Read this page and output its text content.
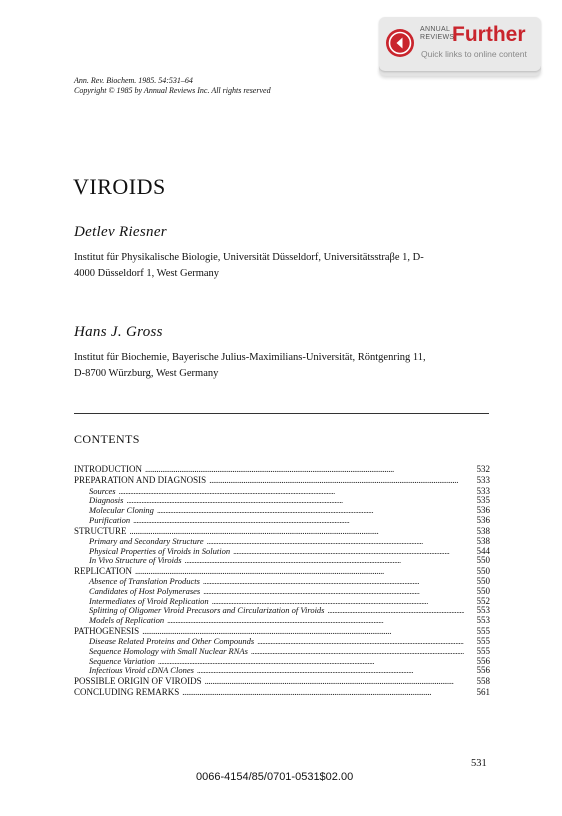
ANNUAL
REVIEWS
Further
Quick links to online content
Ann. Rev. Biochem. 1985. 54:531–64
Copyright © 1985 by Annual Reviews Inc. All rights reserved
VIROIDS
Detlev Riesner
Institut für Physikalische Biologie, Universität Düsseldorf, Universitätsstraβe 1, D-
4000 Düsseldorf 1, West Germany
Hans J. Gross
Institut für Biochemie, Bayerische Julius-Maximilians-Universität, Röntgenring 11,
D-8700 Würzburg, West Germany
CONTENTS
INTRODUCTION . . .	532
PREPARATION AND DIAGNOSIS . . .	533
Sources . . .	533
Diagnosis . . .	535
Molecular Cloning . . .	536
Purification . . .	536
STRUCTURE . . .	538
Primary and Secondary Structure . . .	538
Physical Properties of Viroids in Solution . . .	544
In Vivo Structure of Viroids . . .	550
REPLICATION . . .	550
Absence of Translation Products . . .	550
Candidates of Host Polymerases . . .	550
Intermediates of Viroid Replication . . .	552
Splitting of Oligomer Viroid Precusors and Circularization of Viroids . . .	553
Models of Replication . . .	553
PATHOGENESIS . . .	555
Disease Related Proteins and Other Compounds . . .	555
Sequence Homology with Small Nuclear RNAs . . .	555
Sequence Variation . . .	556
Infectious Viroid cDNA Clones . . .	556
POSSIBLE ORIGIN OF VIROIDS . . .	558
CONCLUDING REMARKS . . .	561
531
0066-4154/85/0701-0531$02.00
